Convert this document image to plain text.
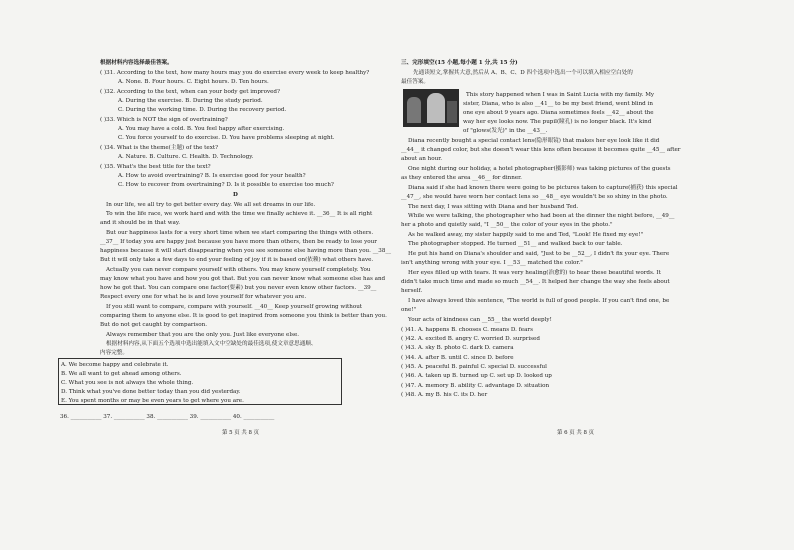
D
第 5 页 共 8 页	第 6 页 共 8 页
根据材料内容选择最佳答案。
( )31. According to the text, how many hours may you do exercise every week to keep healthy?
A. None. B. Four hours. C. Eight hours. D. Ten hours.
( )32. According to the text, when can your body get improved?
A. During the exercise. B. During the study period.
C. During the working time. D. During the recovery period.
( )33. Which is NOT the sign of overtraining?
A. You may have a cold. B. You feel happy after exercising.
C. You force yourself to do exercise. D. You have problems sleeping at night.
( )34. What is the theme(主题) of the text?
A. Nature. B. Culture. C. Health. D. Technology.
( )35. What's the best title for the text?
A. How to avoid overtraining? B. Is exercise good for your health?
C. How to recover from overtraining? D. Is it possible to exercise too much?
In our life, we all try to get better every day. We all set dreams in our life.
To win the life race, we work hard and with the time we finally achieve it. __36__ It is all right
and it should be in that way.
But our happiness lasts for a very short time when we start comparing the things with others.
__37__ If today you are happy just because you have more than others, then be ready to lose your
happiness because it will start disappearing when you see someone else having more than you. __38__
But it will only take a few days to end your feeling of joy if it is based on(依赖) what others have.
Actually you can never compare yourself with others. You may know yourself completely. You
may know what you have and how you got that. But you can never know what someone else has and
how he got that. You can compare one factor(要素) but you never even know other factors. __39__
Respect every one for what he is and love yourself for whatever you are.
If you still want to compare, compare with yourself. __40__ Keep yourself growing without
comparing them to anyone else. It is good to get inspired from someone you think is better than you.
But do not get caught by comparison.
Always remember that you are the only you. Just like everyone else.
根据材料内容,从下面五个选项中选出能填入文中空缺处的最佳选项,使文章意思通顺、
内容完整。
A. We become happy and celebrate it.
B. We all want to get ahead among others.
C. What you see is not always the whole thing.
D. Think what you've done better today than you did yesterday.
E. You spent months or may be even years to get where you are.
36. ___________ 37. ___________ 38. ___________ 39. ___________ 40. ___________
三、完形填空(15 小题,每小题 1 分,共 15 分)
先通读短文,掌握其大意,然后从 A、B、C、D 四个选项中选出一个可以填入相应空白处的
最佳答案。
This story happened when I was in Saint Lucia with my family. My
sister, Diana, who is also __41__ to be my best friend, went blind in
one eye about 9 years ago. Diana sometimes feels __42__ about the
way her eye looks now. The pupil(瞳孔) is no longer black. It's kind
of "glows(发光)" in the __43__.
Diana recently bought a special contact lens(隐形眼镜) that makes her eye look like it did
__44__ it changed color, but she doesn't wear this lens often because it becomes quite __45__ after
about an hour.
One night during our holiday, a hotel photographer(摄影师) was taking pictures of the guests
as they entered the area __46__ for dinner.
Diana said if she had known there were going to be pictures taken to capture(捕获) this special
__47__, she would have worn her contact lens so __48__ eye wouldn't be so shiny in the photo.
The next day, I was sitting with Diana and her husband Ted.
While we were talking, the photographer who had been at the dinner the night before, __49__
her a photo and quietly said, "I __50__ the color of your eyes in the photo."
As he walked away, my sister happily said to me and Ted, "Look! He fixed my eye!"
The photographer stopped. He turned __51__ and walked back to our table.
He put his hand on Diana's shoulder and said, "Just to be __52__, I didn't fix your eye. There
isn't anything wrong with your eye. I __53__ matched the color."
Her eyes filled up with tears. It was very healing(治愈的) to hear these beautiful words. It
didn't take much time and made so much __54__. It helped her change the way she feels about
herself.
I have always loved this sentence, "The world is full of good people. If you can't find one, be
one!"
Your acts of kindness can __55__ the world deeply!
( )41. A. happens B. chooses C. means D. fears
( )42. A. excited B. angry C. worried D. surprised
( )43. A. sky B. photo C. dark D. camera
( )44. A. after B. until C. since D. before
( )45. A. peaceful B. painful C. special D. successful
( )46. A. taken up B. turned up C. set up D. looked up
( )47. A. memory B. ability C. advantage D. situation
( )48. A. my B. his C. its D. her
